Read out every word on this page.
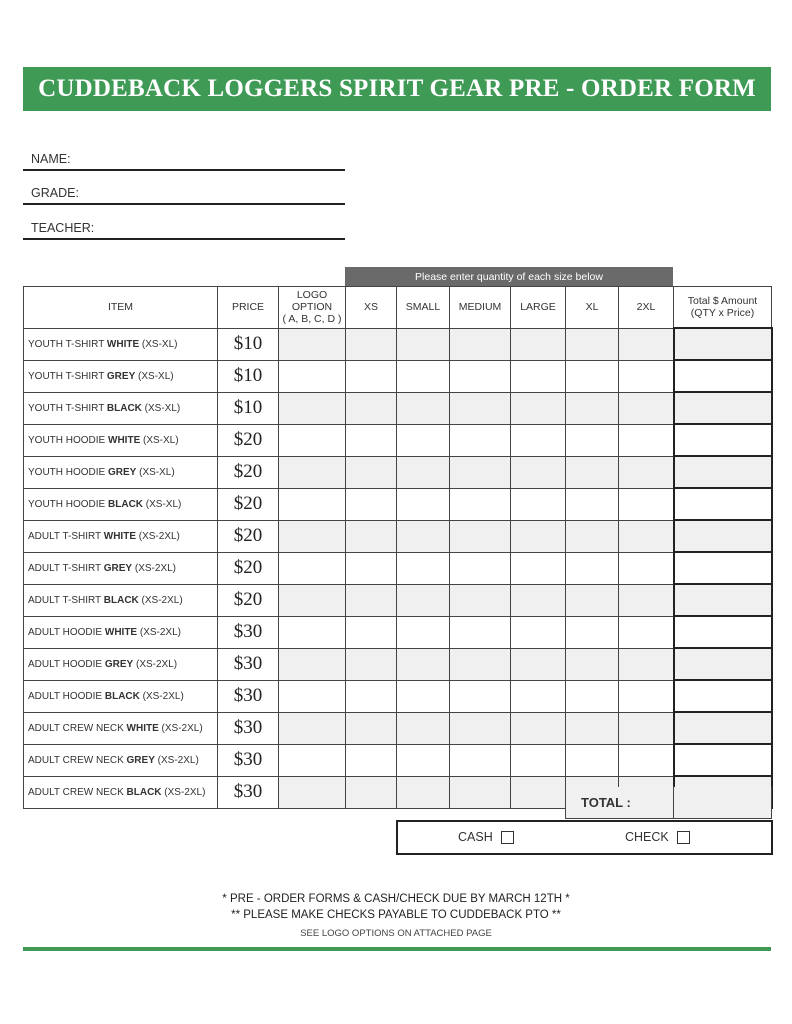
CUDDEBACK LOGGERS SPIRIT GEAR PRE - ORDER FORM
NAME:
GRADE:
TEACHER:
Please enter quantity of each size below
ITEM	PRICE	LOGO
OPTION
( A, B, C, D )	XS	SMALL	MEDIUM	LARGE	XL	2XL	Total $ Amount
(QTY x Price)
YOUTH T-SHIRT WHITE (XS-XL)	$10								
YOUTH T-SHIRT GREY (XS-XL)	$10								
YOUTH T-SHIRT BLACK (XS-XL)	$10								
YOUTH HOODIE WHITE (XS-XL)	$20								
YOUTH HOODIE GREY (XS-XL)	$20								
YOUTH HOODIE BLACK (XS-XL)	$20								
ADULT T-SHIRT WHITE (XS-2XL)	$20								
ADULT T-SHIRT GREY (XS-2XL)	$20								
ADULT T-SHIRT BLACK (XS-2XL)	$20								
ADULT HOODIE WHITE (XS-2XL)	$30								
ADULT HOODIE GREY (XS-2XL)	$30								
ADULT HOODIE BLACK (XS-2XL)	$30								
ADULT CREW NECK WHITE (XS-2XL)	$30								
ADULT CREW NECK GREY (XS-2XL)	$30								
ADULT CREW NECK BLACK (XS-2XL)	$30								
TOTAL :
CASH	CHECK
* PRE - ORDER FORMS & CASH/CHECK DUE BY MARCH 12TH *
** PLEASE MAKE CHECKS PAYABLE TO CUDDEBACK PTO **
SEE LOGO OPTIONS ON ATTACHED PAGE
